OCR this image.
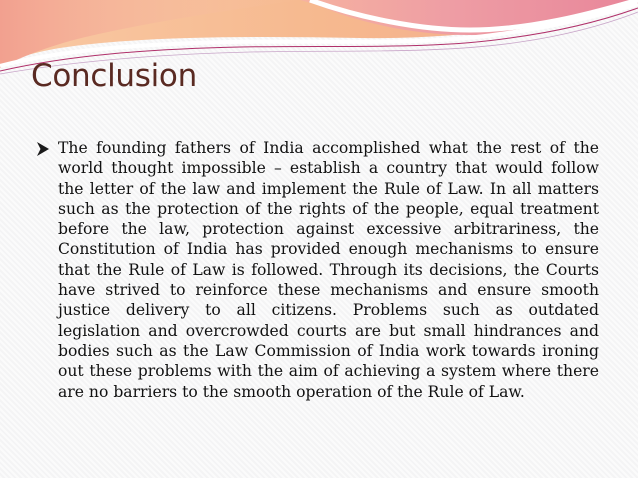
Conclusion
The founding fathers of India accomplished what the rest of the world thought impossible – establish a country that would follow the letter of the law and implement the Rule of Law. In all matters such as the protection of the rights of the people, equal treatment before the law, protection against excessive arbitrariness, the Constitution of India has provided enough mechanisms to ensure that the Rule of Law is followed. Through its decisions, the Courts have strived to reinforce these mechanisms and ensure smooth justice delivery to all citizens. Problems such as outdated legislation and overcrowded courts are but small hindrances and bodies such as the Law Commission of India work towards ironing out these problems with the aim of achieving a system where there are no barriers to the smooth operation of the Rule of Law.
